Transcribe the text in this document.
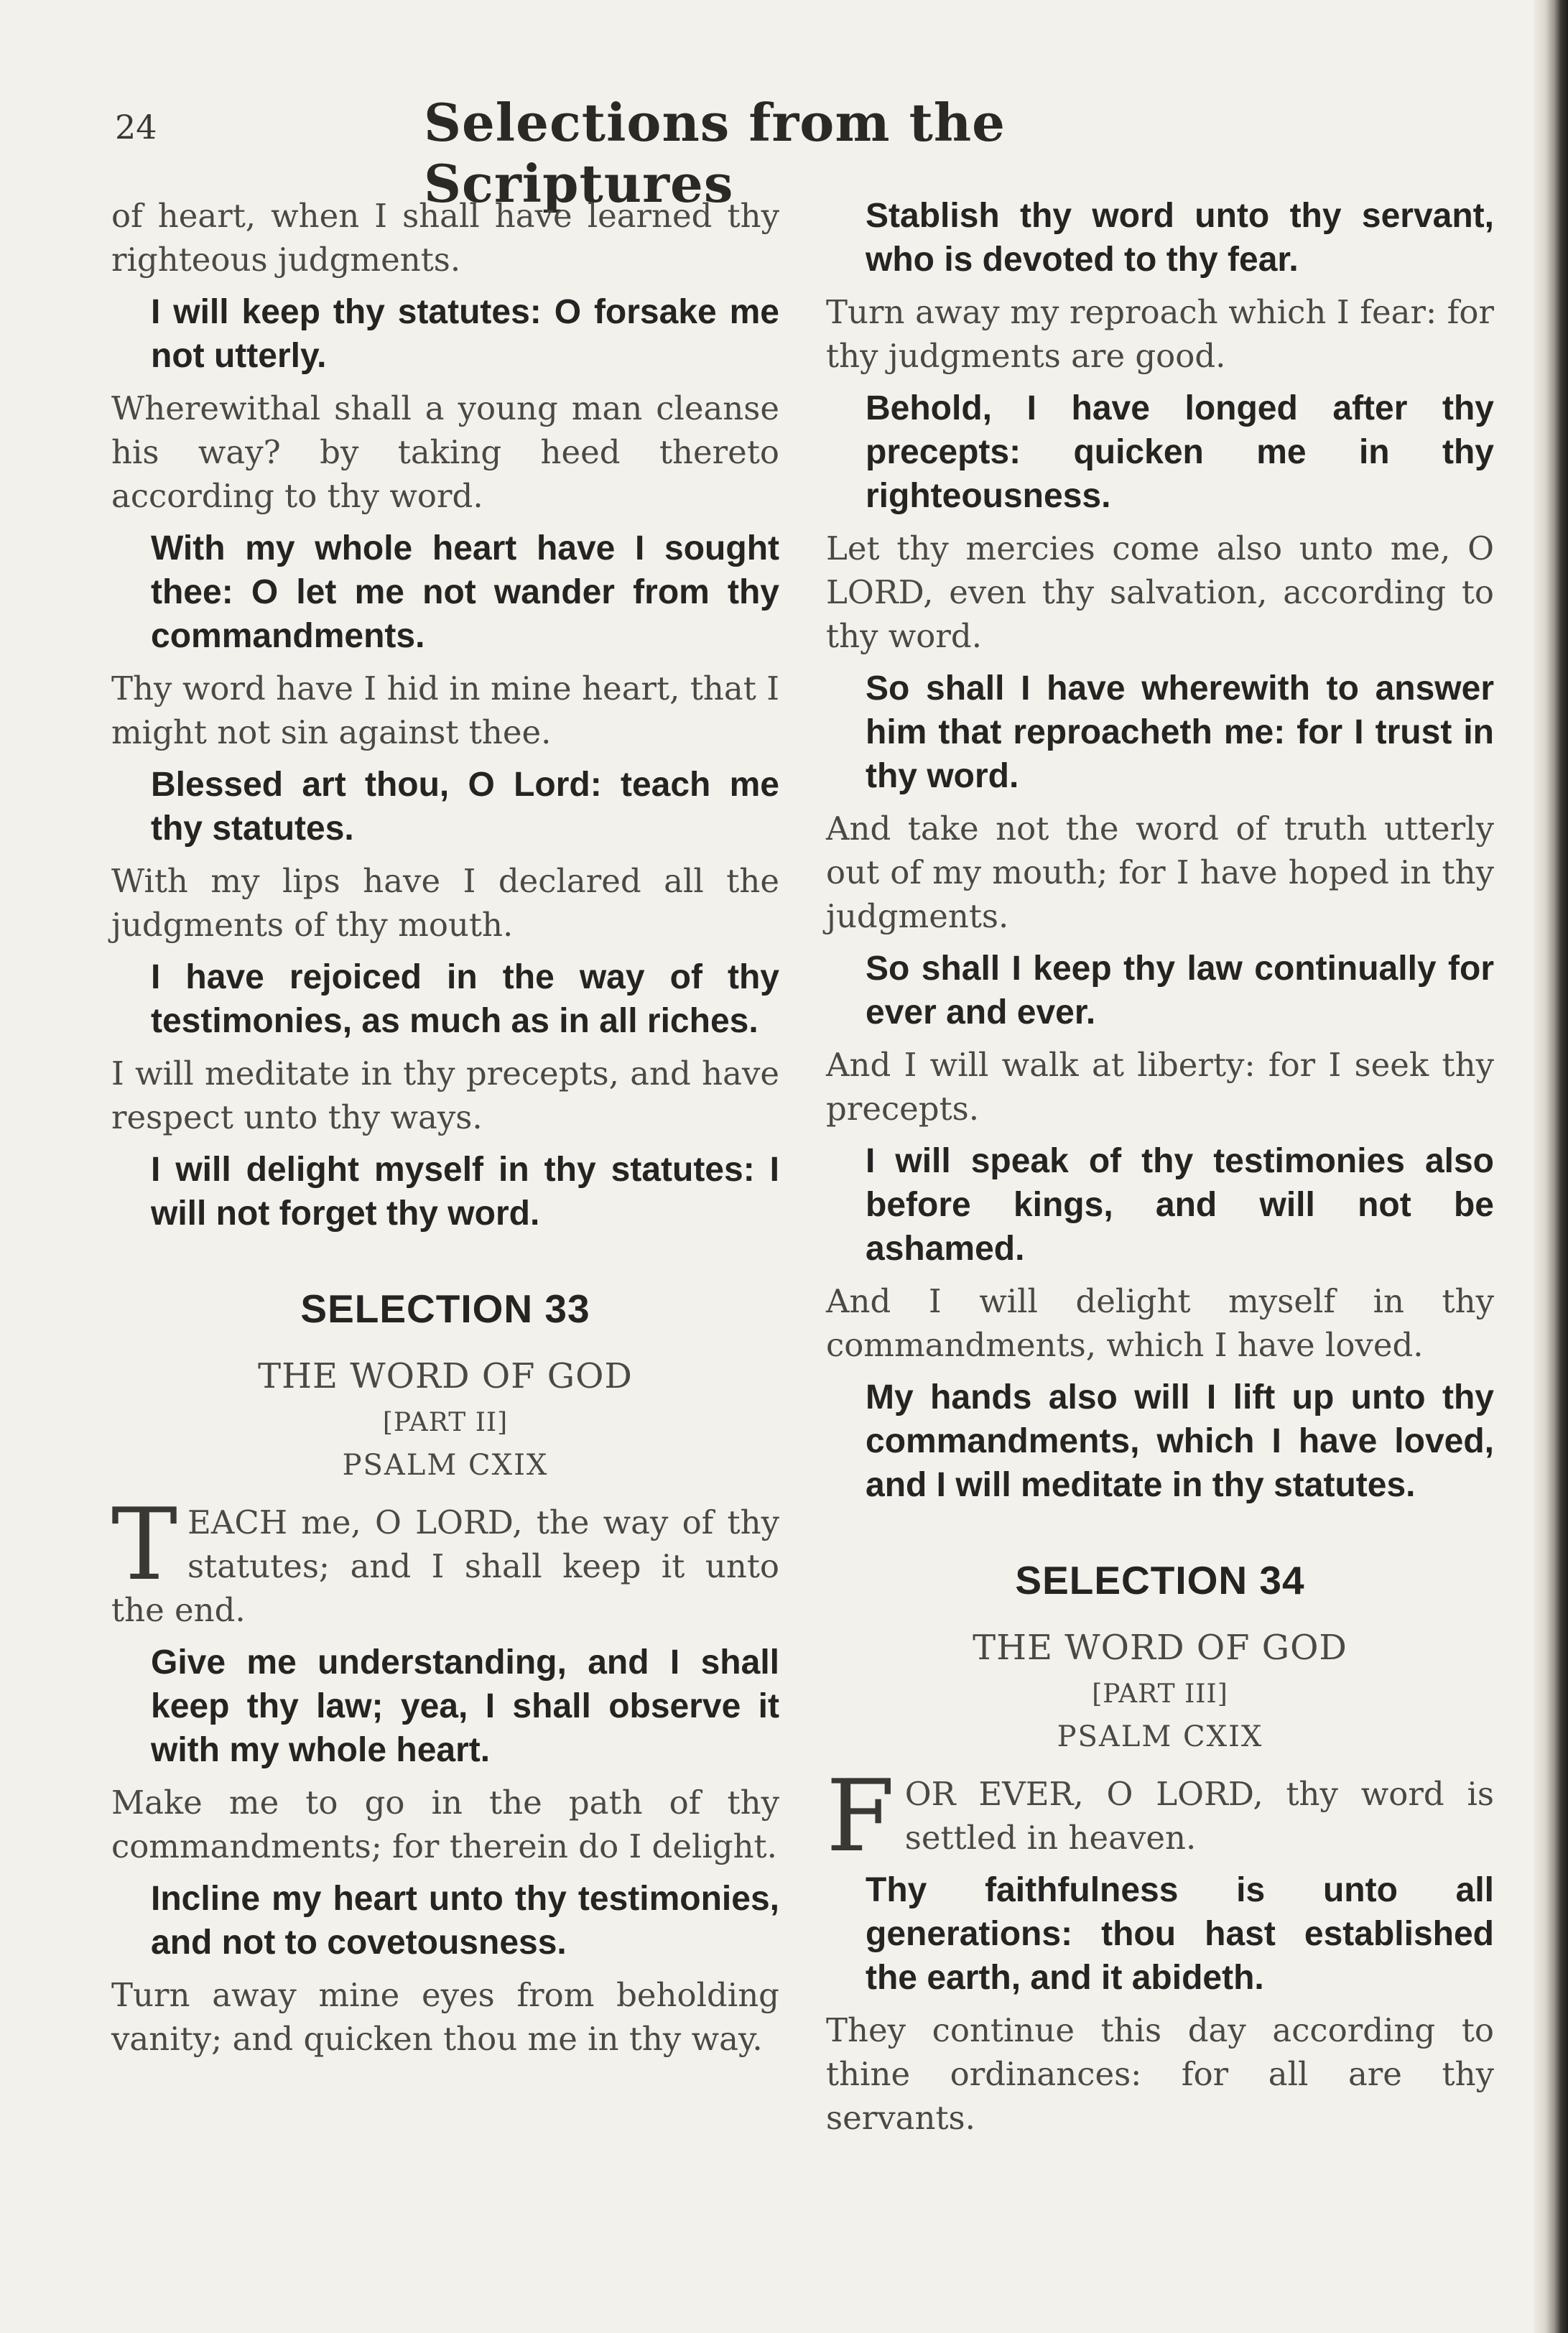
24	Selections from the Scriptures

of heart, when I shall have learned thy righteous judgments.

I will keep thy statutes: O forsake me not utterly.

Wherewithal shall a young man cleanse his way? by taking heed thereto according to thy word.

With my whole heart have I sought thee: O let me not wander from thy commandments.

Thy word have I hid in mine heart, that I might not sin against thee.

Blessed art thou, O Lord: teach me thy statutes.

With my lips have I declared all the judgments of thy mouth.

I have rejoiced in the way of thy testimonies, as much as in all riches.

I will meditate in thy precepts, and have respect unto thy ways.

I will delight myself in thy statutes: I will not forget thy word.

SELECTION 33
THE WORD OF GOD
[PART II]
PSALM CXIX

TEACH me, O LORD, the way of thy statutes; and I shall keep it unto the end.

Give me understanding, and I shall keep thy law; yea, I shall observe it with my whole heart.

Make me to go in the path of thy commandments; for therein do I delight.

Incline my heart unto thy testimonies, and not to covetousness.

Turn away mine eyes from beholding vanity; and quicken thou me in thy way.

Stablish thy word unto thy servant, who is devoted to thy fear.

Turn away my reproach which I fear: for thy judgments are good.

Behold, I have longed after thy precepts: quicken me in thy righteousness.

Let thy mercies come also unto me, O LORD, even thy salvation, according to thy word.

So shall I have wherewith to answer him that reproacheth me: for I trust in thy word.

And take not the word of truth utterly out of my mouth; for I have hoped in thy judgments.

So shall I keep thy law continually for ever and ever.

And I will walk at liberty: for I seek thy precepts.

I will speak of thy testimonies also before kings, and will not be ashamed.

And I will delight myself in thy commandments, which I have loved.

My hands also will I lift up unto thy commandments, which I have loved, and I will meditate in thy statutes.

SELECTION 34
THE WORD OF GOD
[PART III]
PSALM CXIX

FOR EVER, O LORD, thy word is settled in heaven.

Thy faithfulness is unto all generations: thou hast established the earth, and it abideth.

They continue this day according to thine ordinances: for all are thy servants.
